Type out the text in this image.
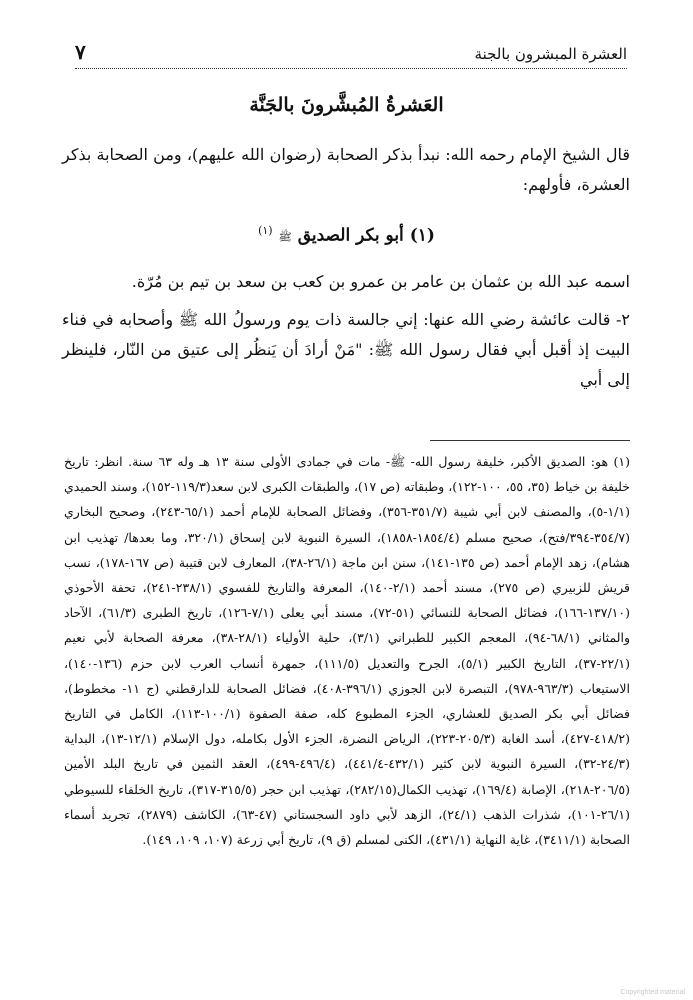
العشرة المبشرون بالجنة
٧
العَشرةُ المُبشَّرونَ بالجَنَّة
قال الشيخ الإمام رحمه الله: نبدأ بذكر الصحابة (رضوان الله عليهم)، ومن الصحابة بذكر العشرة، فأولهم:
(١) أبو بكر الصديق ﷺ $^{(١)}$
اسمه عبد الله بن عثمان بن عامر بن عمرو بن كعب بن سعد بن تيم بن مُرّة.
٢- قالت عائشة رضي الله عنها: إني جالسة ذات يوم ورسولُ الله ﷺ وأصحابه في فناء البيت إذ أقبل أبي فقال رسول الله ﷺ: "مَنْ أرادَ أن يَنظُر إلى عتيق من النّار، فلينظر إلى أبي
(١) هو: الصديق الأكبر، خليفة رسول الله- ﷺ- مات في جمادى الأولى سنة ١٣ هـ وله ٦٣ سنة. انظر: تاريخ خليفة بن خياط (٣٥، ٥٥، ١٠٠-١٢٢)، وطبقاته (ص ١٧)، والطبقات الكبرى لابن سعد(١١٩/٣-١٥٢)، وسند الحميدي (١/١-٥)، والمصنف لابن أبي شيبة (٣٥١/٧-٣٥٦)، وفضائل الصحابة للإمام أحمد (٦٥/١-٢٤٣)، وصحيح البخاري (٣٥٤/٧-٣٩٤/فتح)، صحيح مسلم (١٨٥٤/٤-١٨٥٨)، السيرة النبوية لابن إسحاق (٣٢٠/١، وما بعدها/ تهذيب ابن هشام)، زهد الإمام أحمد (ص ١٣٥-١٤١)، سنن ابن ماجة (٢٦/١-٣٨)، المعارف لابن قتيبة (ص ١٦٧-١٧٨)، نسب قريش للزبيري (ص ٢٧٥)، مسند أحمد (٢/١-١٤٠)، المعرفة والتاريخ للفسوي (٢٣٨/١-٢٤١)، تحفة الأحوذي (١٣٧/١٠-١٦٦)، فضائل الصحابة للنسائي (٥١-٧٢)، مسند أبي يعلى (٧/١-١٢٦)، تاريخ الطبرى (٦١/٣)، الآحاد والمثاني (٦٨/١-٩٤)، المعجم الكبير للطبراني (٣/١)، حلية الأولياء (٢٨/١-٣٨)، معرفة الصحابة لأبي نعيم (٢٢/١-٣٧)، التاريخ الكبير (٥/١)، الجرح والتعديل (١١١/٥)، جمهرة أنساب العرب لابن حزم (١٣٦-١٤٠)، الاستيعاب (٩٦٣/٣-٩٧٨)، التبصرة لابن الجوزي (٣٩٦/١-٤٠٨)، فضائل الصحابة للدارقطني (ج ١١- مخطوط)، فضائل أبي بكر الصديق للعشاري، الجزء المطبوع كله، صفة الصفوة (١٠٠/١-١١٣)، الكامل في التاريخ (٤١٨/٢-٤٢٧)، أسد الغابة (٢٠٥/٣-٢٢٣)، الرياض النضرة، الجزء الأول بكامله، دول الإسلام (١٢/١-١٣)، البداية (٢٤/٣-٣٢)، السيرة النبوية لابن كثير (٤٣٢/١-٤٤١/٤)، (٤٩٦/٤-٤٩٩)، العقد الثمين في تاريخ البلد الأمين (٢٠٦/٥-٢١٨)، الإصابة (١٦٩/٤)، تهذيب الكمال(٢٨٢/١٥)، تهذيب ابن حجر (٣١٥/٥-٣١٧)، تاريخ الخلفاء للسيوطي (٢٦/١-١٠١)، شذرات الذهب (٢٤/١)، الزهد لأبي داود السجستاني (٤٧-٦٣)، الكاشف (٢٨٧٩)، تجريد أسماء الصحابة (٣٤١١/١)، غاية النهاية (٤٣١/١)، الكنى لمسلم (ق ٩)، تاريخ أبي زرعة (١٠٧، ١٠٩، ١٤٩).
Copyrighted material
